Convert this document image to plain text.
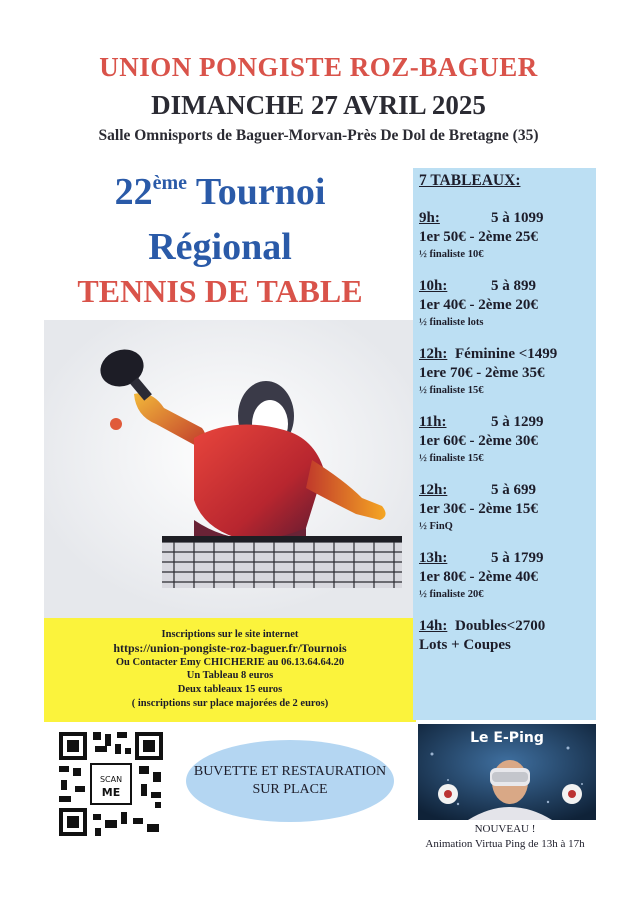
UNION PONGISTE ROZ-BAGUER
DIMANCHE 27 AVRIL 2025
Salle Omnisports de Baguer-Morvan-Près De Dol de Bretagne (35)
22ème Tournoi
Régional
TENNIS DE TABLE
Inscriptions sur le site internet
https://union-pongiste-roz-baguer.fr/Tournois
Ou Contacter Emy CHICHERIE au 06.13.64.64.20
Un Tableau 8 euros
Deux tableaux 15 euros
( inscriptions sur place majorées de 2 euros)
7 TABLEAUX:
9h:	5 à 1099
1er 50€ - 2ème 25€
½ finaliste 10€
10h:	5 à 899
1er 40€ - 2ème 20€
½ finaliste lots
12h: Féminine <1499
1ere 70€ - 2ème 35€
½ finaliste 15€
11h:	5 à 1299
1er 60€ - 2ème 30€
½ finaliste 15€
12h:	5 à 699
1er 30€ - 2ème 15€
½ FinQ
13h:	5 à 1799
1er 80€ - 2ème 40€
½ finaliste 20€
14h: Doubles<2700
Lots + Coupes
SCAN
ME
BUVETTE ET RESTAURATION
SUR PLACE
Le E-Ping
NOUVEAU !
Animation Virtua Ping de 13h à 17h
